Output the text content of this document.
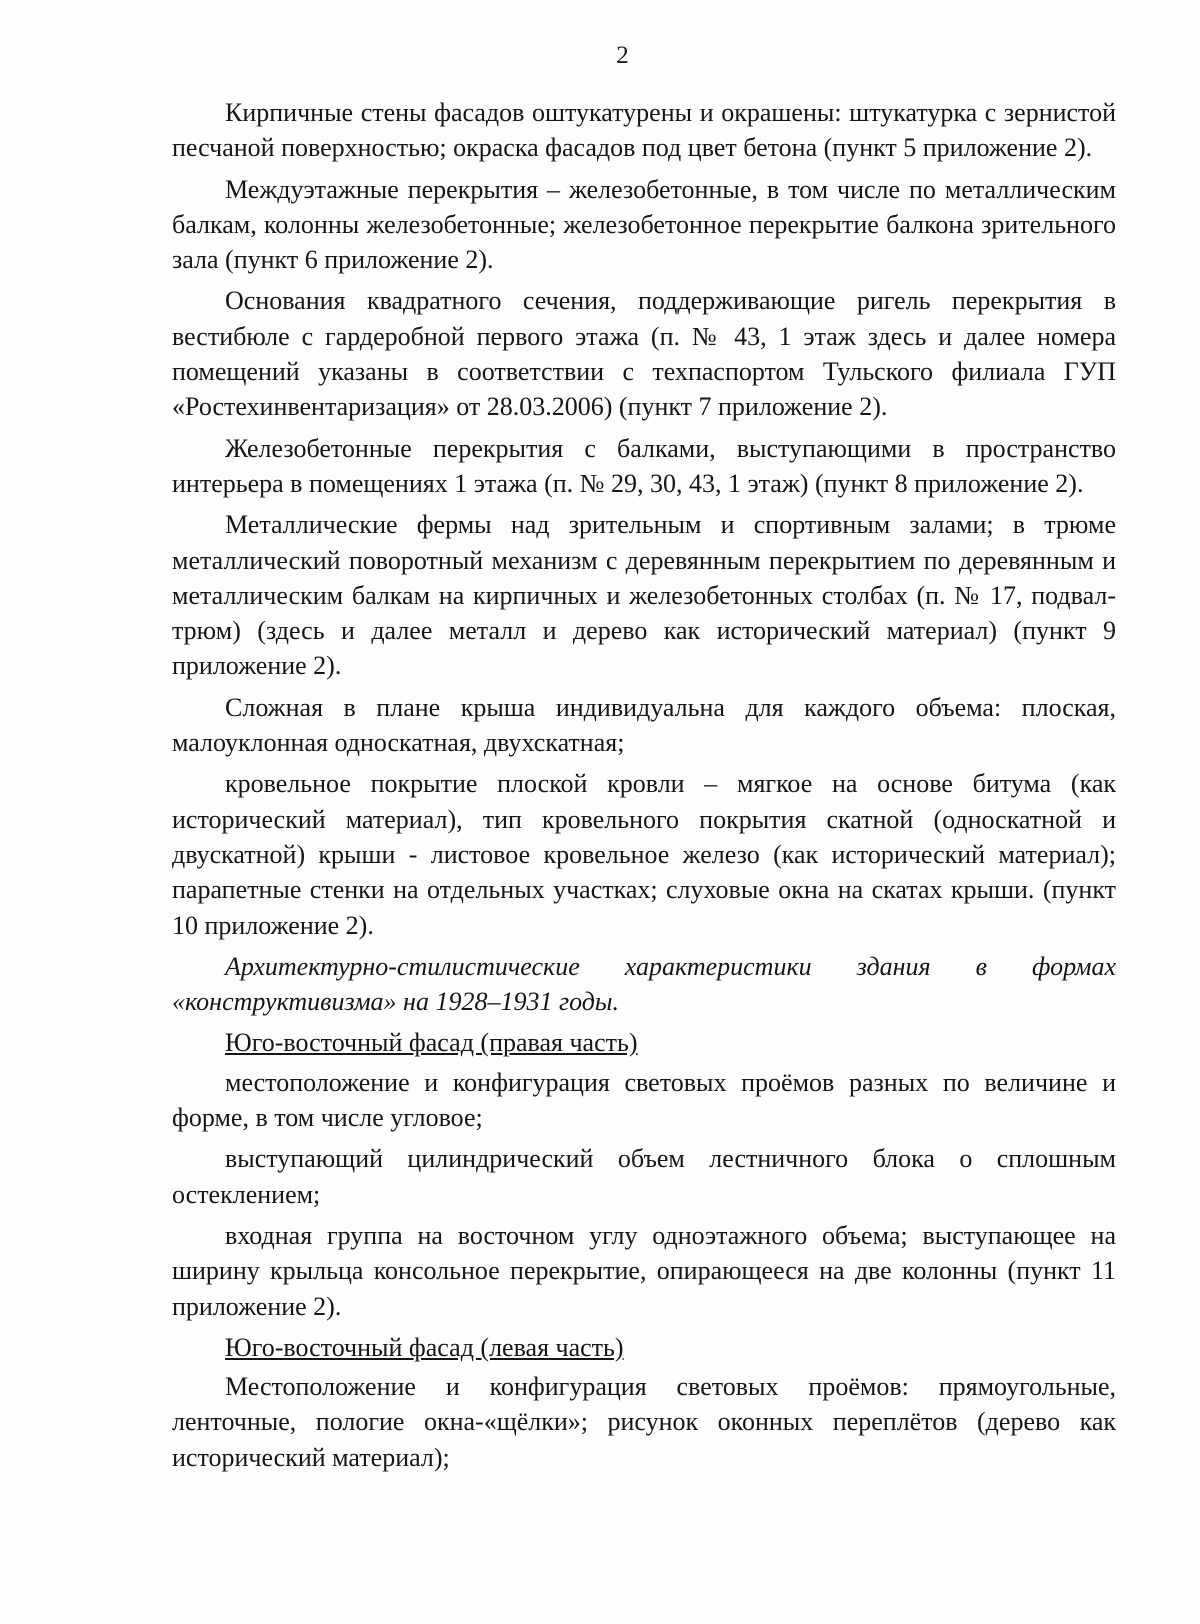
2

Кирпичные стены фасадов оштукатурены и окрашены: штукатурка с зернистой песчаной поверхностью; окраска фасадов под цвет бетона (пункт 5 приложение 2).

Междуэтажные перекрытия – железобетонные, в том числе по металлическим балкам, колонны железобетонные; железобетонное перекрытие балкона зрительного зала (пункт 6 приложение 2).

Основания квадратного сечения, поддерживающие ригель перекрытия в вестибюле с гардеробной первого этажа (п. № 43, 1 этаж здесь и далее номера помещений указаны в соответствии с техпаспортом Тульского филиала ГУП «Ростехинвентаризация» от 28.03.2006) (пункт 7 приложение 2).

Железобетонные перекрытия с балками, выступающими в пространство интерьера в помещениях 1 этажа (п. № 29, 30, 43, 1 этаж) (пункт 8 приложение 2).

Металлические фермы над зрительным и спортивным залами; в трюме металлический поворотный механизм с деревянным перекрытием по деревянным и металлическим балкам на кирпичных и железобетонных столбах (п. № 17, подвал-трюм) (здесь и далее металл и дерево как исторический материал) (пункт 9 приложение 2).

Сложная в плане крыша индивидуальна для каждого объема: плоская, малоуклонная односкатная, двухскатная;

кровельное покрытие плоской кровли – мягкое на основе битума (как исторический материал), тип кровельного покрытия скатной (односкатной и двускатной) крыши - листовое кровельное железо (как исторический материал); парапетные стенки на отдельных участках; слуховые окна на скатах крыши. (пункт 10 приложение 2).

Архитектурно-стилистические характеристики здания в формах «конструктивизма» на 1928–1931 годы.

Юго-восточный фасад (правая часть)

местоположение и конфигурация световых проёмов разных по величине и форме, в том числе угловое;

выступающий цилиндрический объем лестничного блока о сплошным остеклением;

входная группа на восточном углу одноэтажного объема; выступающее на ширину крыльца консольное перекрытие, опирающееся на две колонны (пункт 11 приложение 2).

Юго-восточный фасад (левая часть)

Местоположение и конфигурация световых проёмов: прямоугольные, ленточные, пологие окна-«щёлки»; рисунок оконных переплётов (дерево как исторический материал);
